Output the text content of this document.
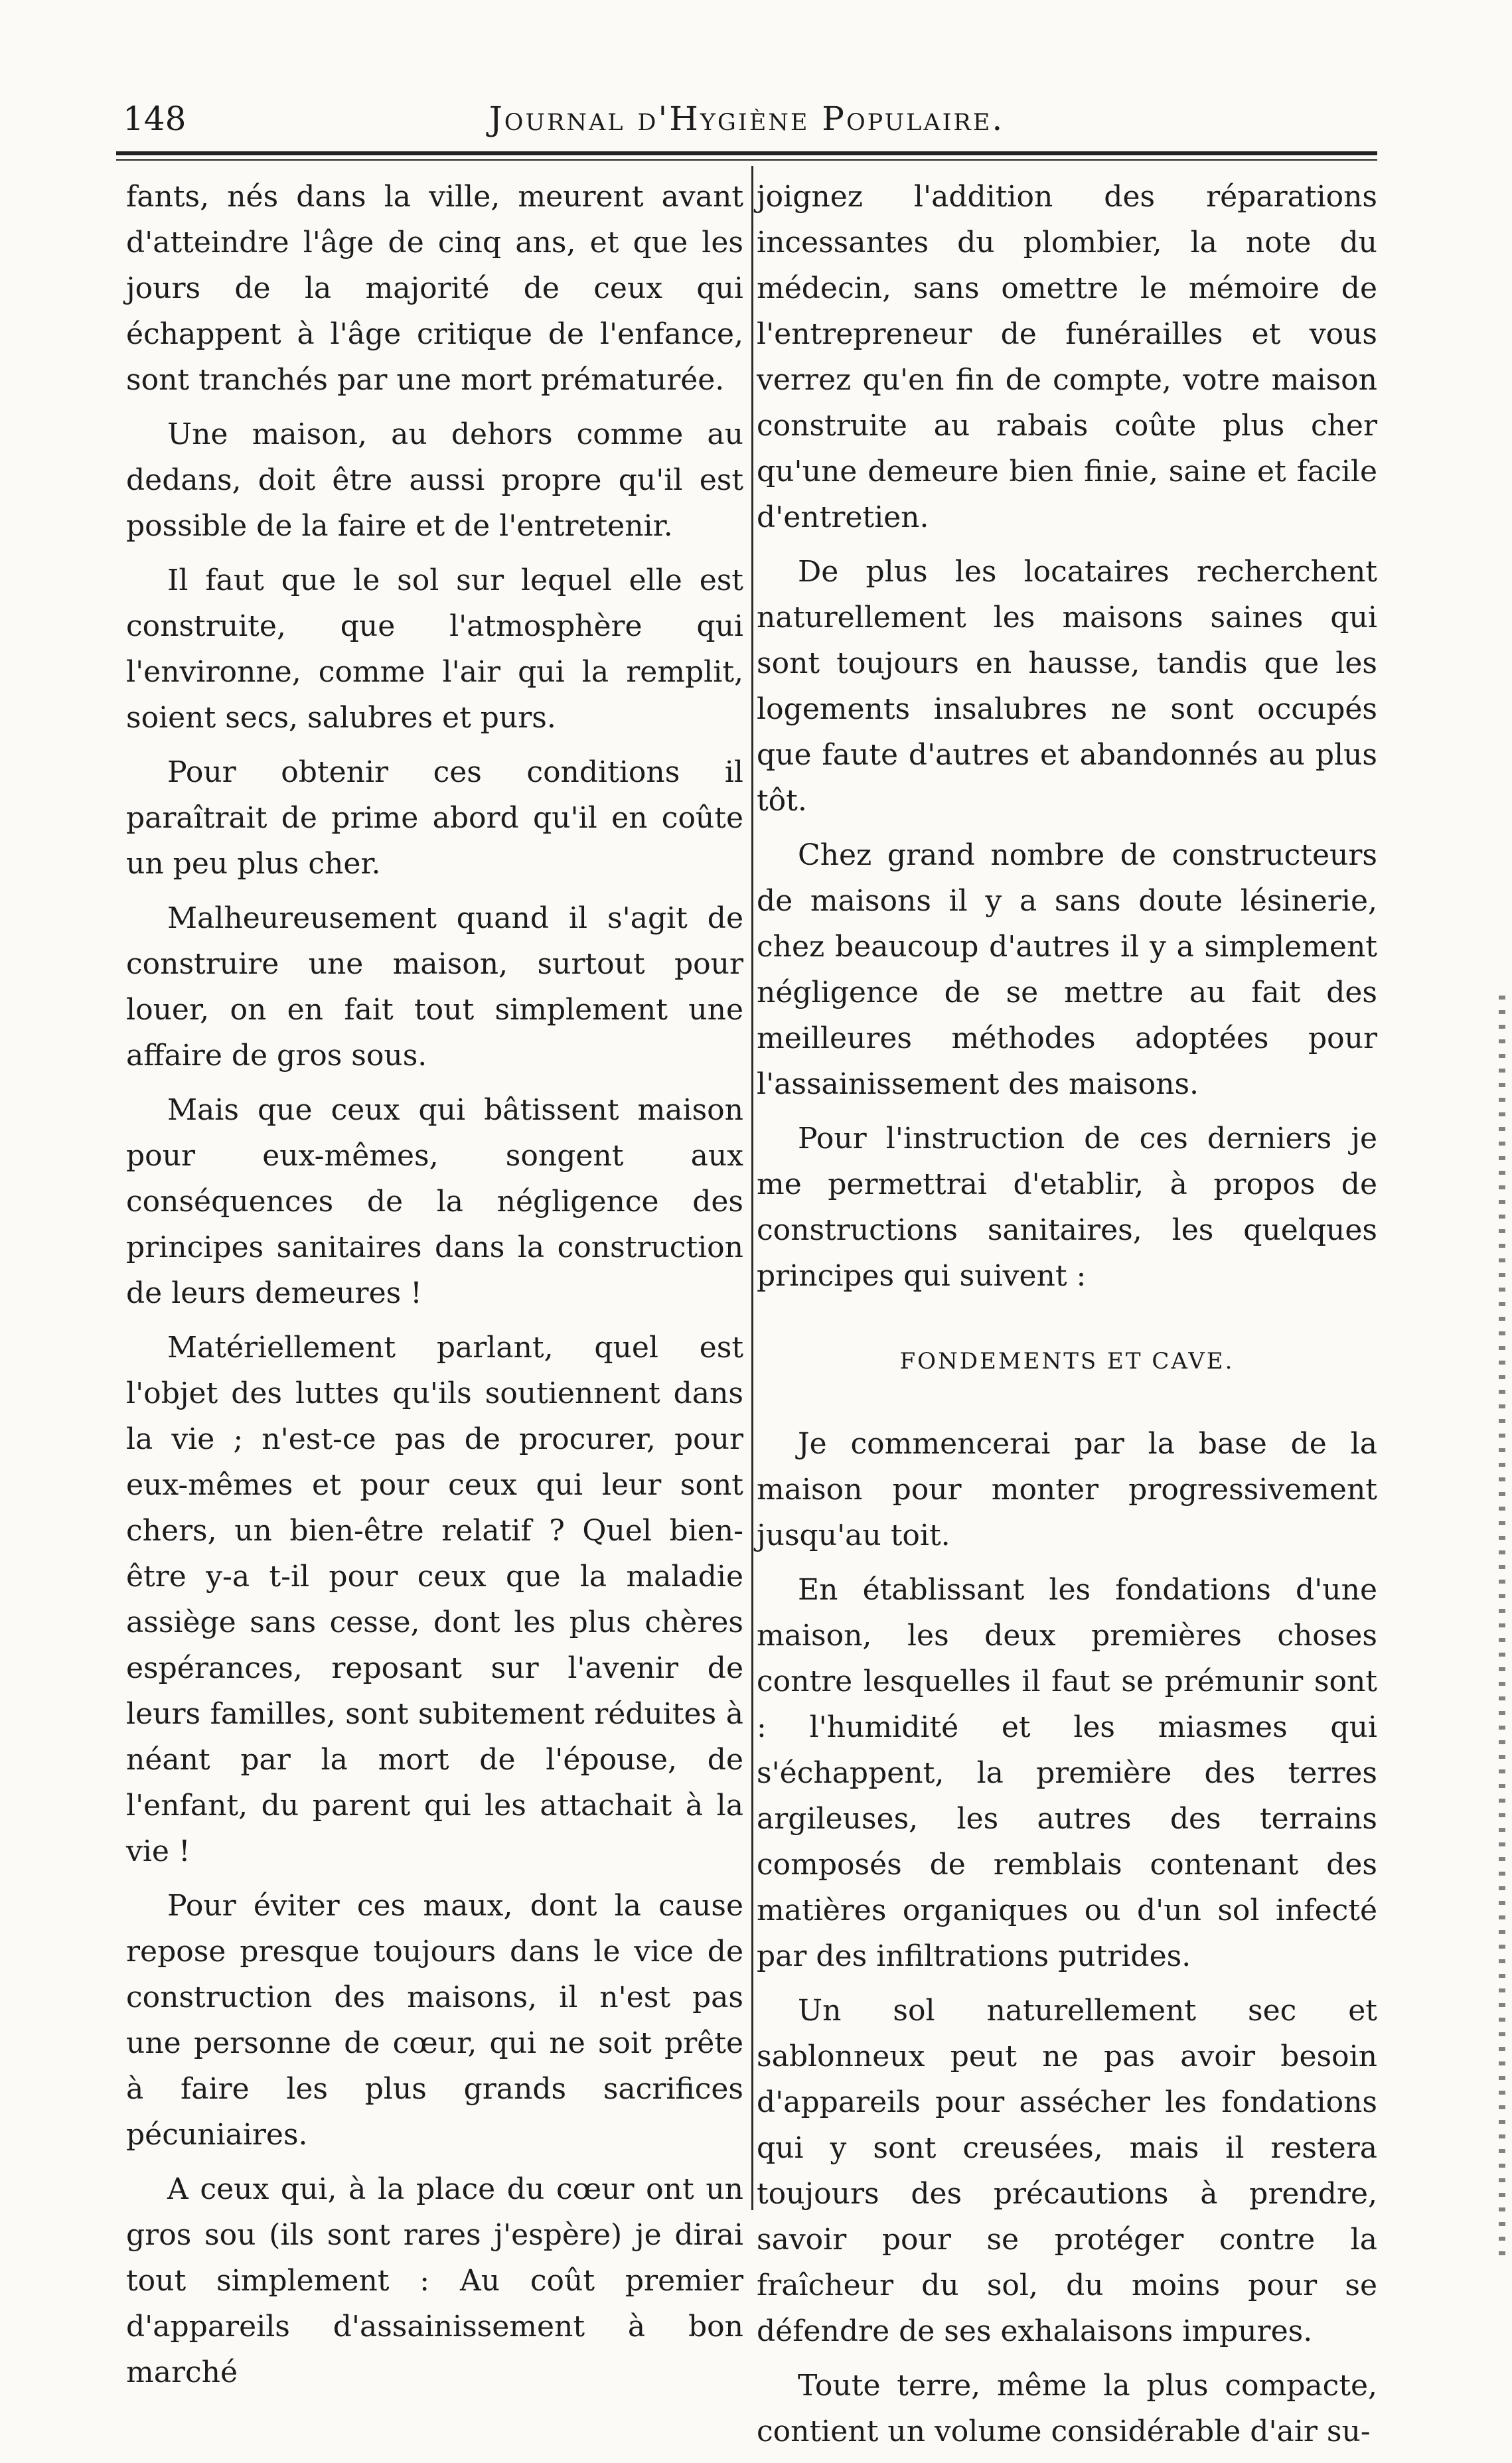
148	Journal d'Hygiène Populaire.

fants, nés dans la ville, meurent avant d'atteindre l'âge de cinq ans, et que les jours de la majorité de ceux qui échappent à l'âge critique de l'enfance, sont tranchés par une mort prématurée.

Une maison, au dehors comme au dedans, doit être aussi propre qu'il est possible de la faire et de l'entretenir.

Il faut que le sol sur lequel elle est construite, que l'atmosphère qui l'environne, comme l'air qui la remplit, soient secs, salubres et purs.

Pour obtenir ces conditions il paraîtrait de prime abord qu'il en coûte un peu plus cher.

Malheureusement quand il s'agit de construire une maison, surtout pour louer, on en fait tout simplement une affaire de gros sous.

Mais que ceux qui bâtissent maison pour eux-mêmes, songent aux conséquences de la négligence des principes sanitaires dans la construction de leurs demeures !

Matériellement parlant, quel est l'objet des luttes qu'ils soutiennent dans la vie ; n'est-ce pas de procurer, pour eux-mêmes et pour ceux qui leur sont chers, un bien-être relatif ? Quel bien-être y-a t-il pour ceux que la maladie assiège sans cesse, dont les plus chères espérances, reposant sur l'avenir de leurs familles, sont subitement réduites à néant par la mort de l'épouse, de l'enfant, du parent qui les attachait à la vie !

Pour éviter ces maux, dont la cause repose presque toujours dans le vice de construction des maisons, il n'est pas une personne de cœur, qui ne soit prête à faire les plus grands sacrifices pécuniaires.

A ceux qui, à la place du cœur ont un gros sou (ils sont rares j'espère) je dirai tout simplement : Au coût premier d'appareils d'assainissement à bon marché

joignez l'addition des réparations incessantes du plombier, la note du médecin, sans omettre le mémoire de l'entrepreneur de funérailles et vous verrez qu'en fin de compte, votre maison construite au rabais coûte plus cher qu'une demeure bien finie, saine et facile d'entretien.

De plus les locataires recherchent naturellement les maisons saines qui sont toujours en hausse, tandis que les logements insalubres ne sont occupés que faute d'autres et abandonnés au plus tôt.

Chez grand nombre de constructeurs de maisons il y a sans doute lésinerie, chez beaucoup d'autres il y a simplement négligence de se mettre au fait des meilleures méthodes adoptées pour l'assainissement des maisons.

Pour l'instruction de ces derniers je me permettrai d'etablir, à propos de constructions sanitaires, les quelques principes qui suivent :

FONDEMENTS ET CAVE.

Je commencerai par la base de la maison pour monter progressivement jusqu'au toit.

En établissant les fondations d'une maison, les deux premières choses contre lesquelles il faut se prémunir sont : l'humidité et les miasmes qui s'échappent, la première des terres argileuses, les autres des terrains composés de remblais contenant des matières organiques ou d'un sol infecté par des infiltrations putrides.

Un sol naturellement sec et sablonneux peut ne pas avoir besoin d'appareils pour assécher les fondations qui y sont creusées, mais il restera toujours des précautions à prendre, savoir pour se protéger contre la fraîcheur du sol, du moins pour se défendre de ses exhalaisons impures.

Toute terre, même la plus compacte, contient un volume considérable d'air su-
